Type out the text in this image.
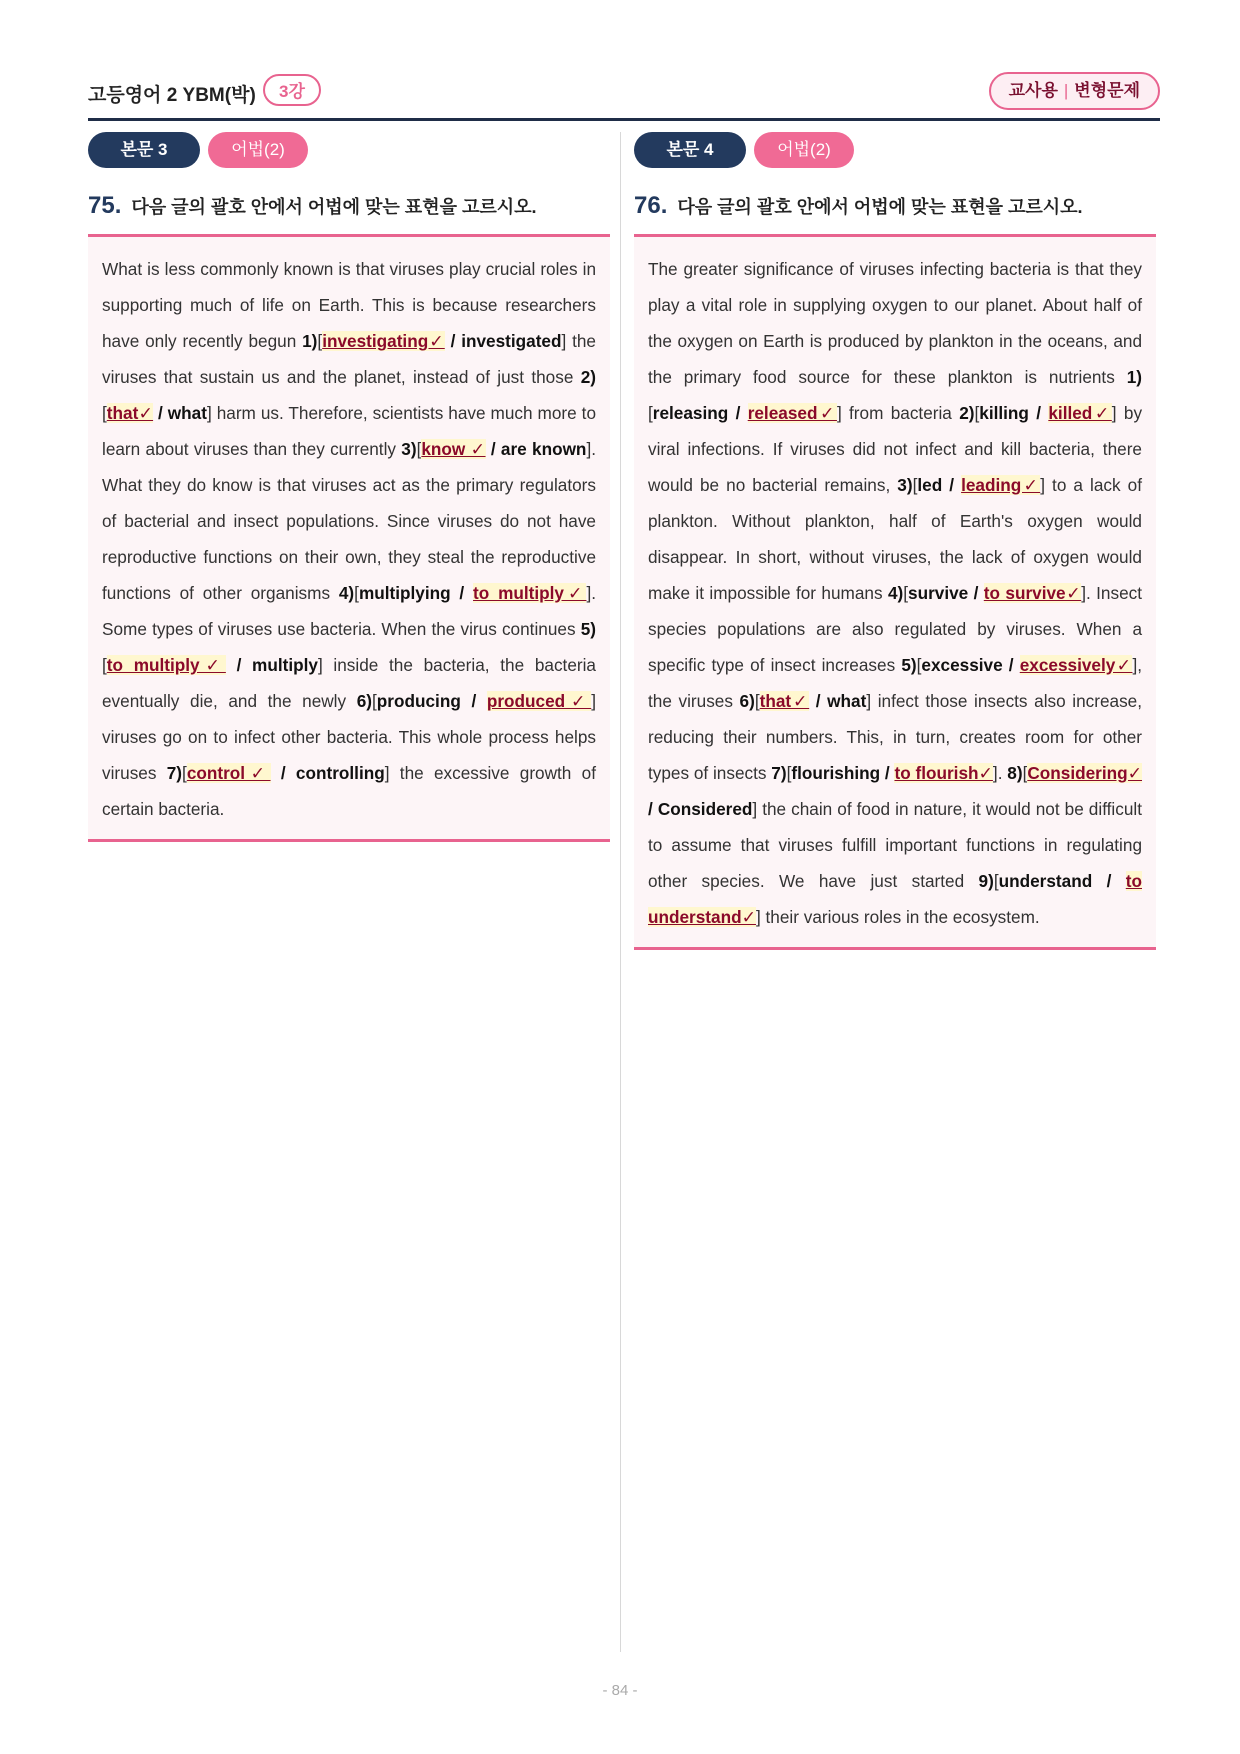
고등영어 2 YBM(박)	3강	교사용 | 변형문제
본문 3	어법(2)
75. 다음 글의 괄호 안에서 어법에 맞는 표현을 고르시오.
What is less commonly known is that viruses play crucial roles in supporting much of life on Earth. This is because researchers have only recently begun 1)[investigating✓ / investigated] the viruses that sustain us and the planet, instead of just those 2)[that✓ / what] harm us. Therefore, scientists have much more to learn about viruses than they currently 3)[know ✓ / are known]. What they do know is that viruses act as the primary regulators of bacterial and insect populations. Since viruses do not have reproductive functions on their own, they steal the reproductive functions of other organisms 4)[multiplying / to multiply✓]. Some types of viruses use bacteria. When the virus continues 5)[to multiply✓ / multiply] inside the bacteria, the bacteria eventually die, and the newly 6)[producing / produced✓] viruses go on to infect other bacteria. This whole process helps viruses 7)[control✓ / controlling] the excessive growth of certain bacteria.
본문 4	어법(2)
76. 다음 글의 괄호 안에서 어법에 맞는 표현을 고르시오.
The greater significance of viruses infecting bacteria is that they play a vital role in supplying oxygen to our planet. About half of the oxygen on Earth is produced by plankton in the oceans, and the primary food source for these plankton is nutrients 1)[releasing / released✓] from bacteria 2)[killing / killed✓] by viral infections. If viruses did not infect and kill bacteria, there would be no bacterial remains, 3)[led / leading✓] to a lack of plankton. Without plankton, half of Earth's oxygen would disappear. In short, without viruses, the lack of oxygen would make it impossible for humans 4)[survive / to survive✓]. Insect species populations are also regulated by viruses. When a specific type of insect increases 5)[excessive / excessively✓], the viruses 6)[that✓ / what] infect those insects also increase, reducing their numbers. This, in turn, creates room for other types of insects 7)[flourishing / to flourish✓]. 8)[Considering✓ / Considered] the chain of food in nature, it would not be difficult to assume that viruses fulfill important functions in regulating other species. We have just started 9)[understand / to understand✓] their various roles in the ecosystem.
- 84 -
